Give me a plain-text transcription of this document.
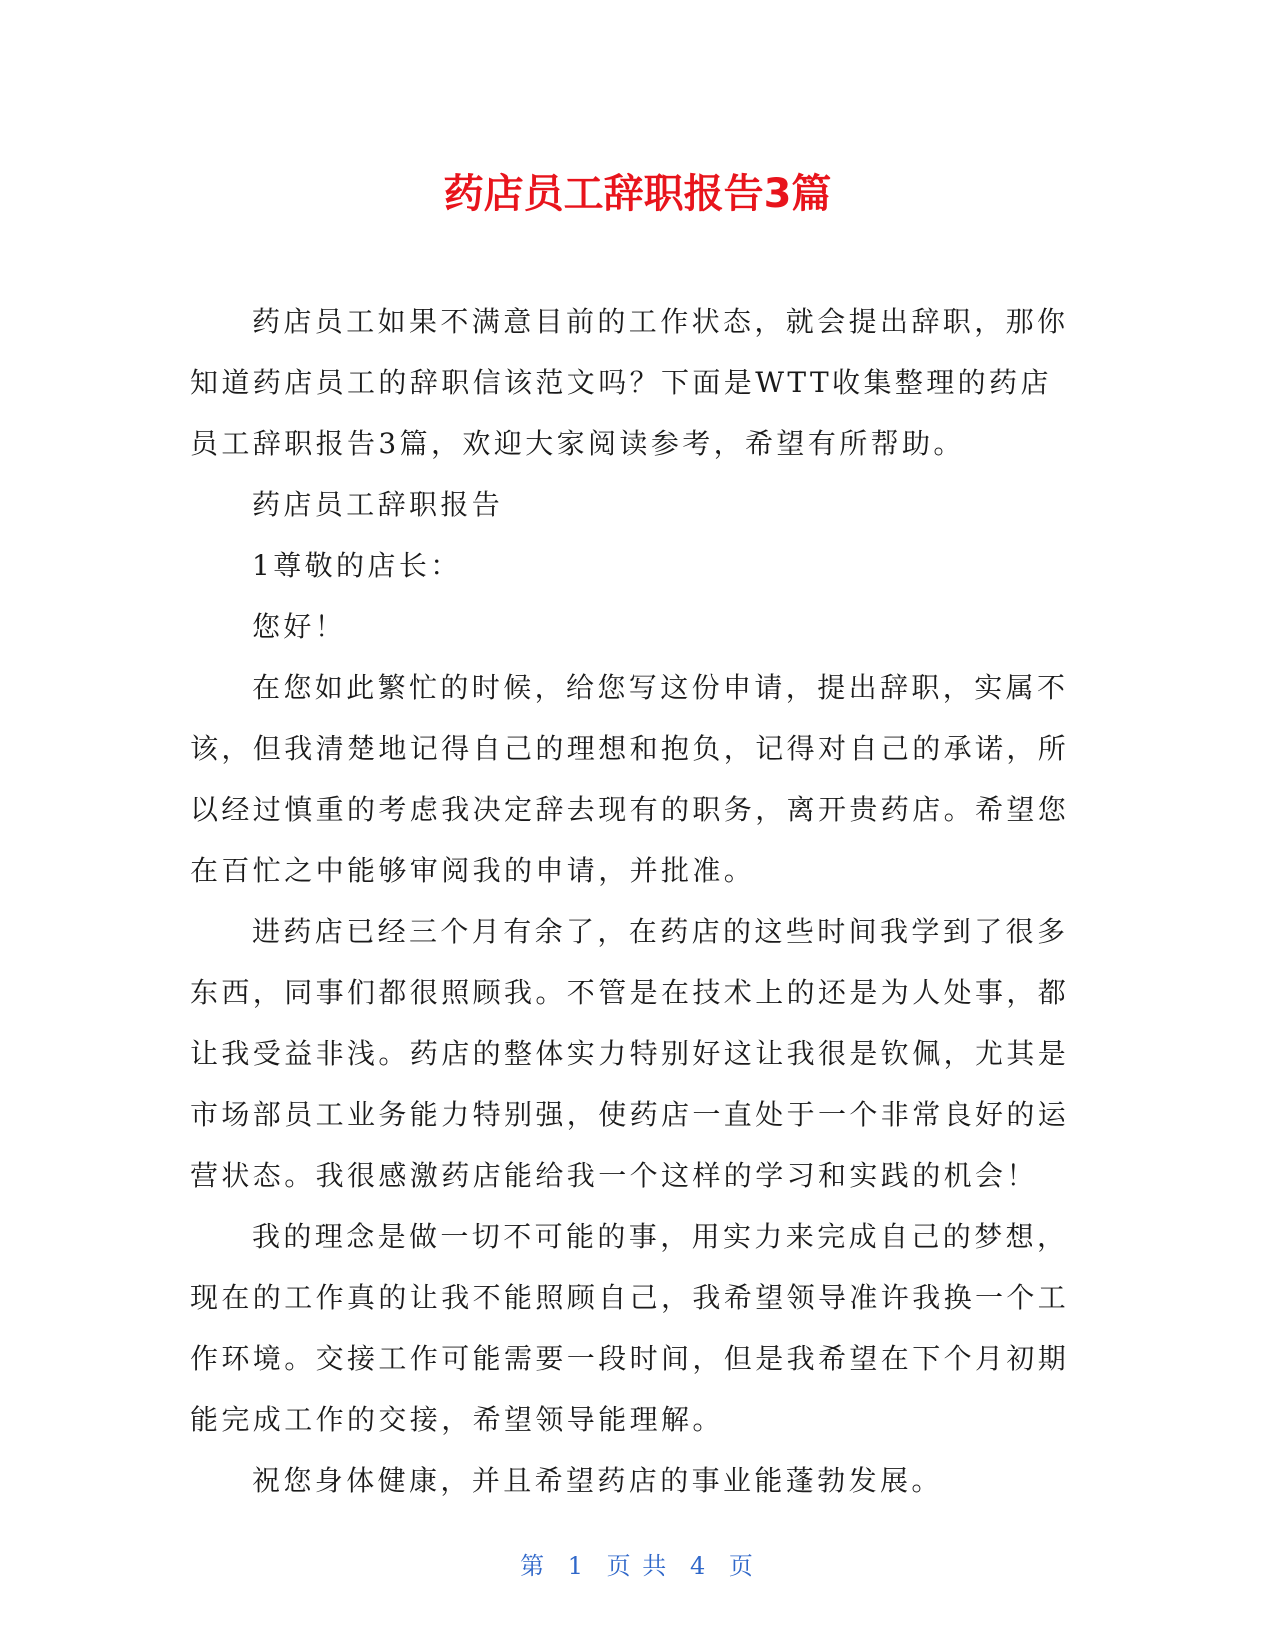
药店员工辞职报告3篇

药店员工如果不满意目前的工作状态，就会提出辞职，那你知道药店员工的辞职信该范文吗？下面是WTT收集整理的药店员工辞职报告3篇，欢迎大家阅读参考，希望有所帮助。

药店员工辞职报告

1尊敬的店长：

您好！

在您如此繁忙的时候，给您写这份申请，提出辞职，实属不该，但我清楚地记得自己的理想和抱负，记得对自己的承诺，所以经过慎重的考虑我决定辞去现有的职务，离开贵药店。希望您在百忙之中能够审阅我的申请，并批准。

进药店已经三个月有余了，在药店的这些时间我学到了很多东西，同事们都很照顾我。不管是在技术上的还是为人处事，都让我受益非浅。药店的整体实力特别好这让我很是钦佩，尤其是市场部员工业务能力特别强，使药店一直处于一个非常良好的运营状态。我很感激药店能给我一个这样的学习和实践的机会！

我的理念是做一切不可能的事，用实力来完成自己的梦想，现在的工作真的让我不能照顾自己，我希望领导准许我换一个工作环境。交接工作可能需要一段时间，但是我希望在下个月初期能完成工作的交接，希望领导能理解。

祝您身体健康，并且希望药店的事业能蓬勃发展。

第 1 页 共 4 页
